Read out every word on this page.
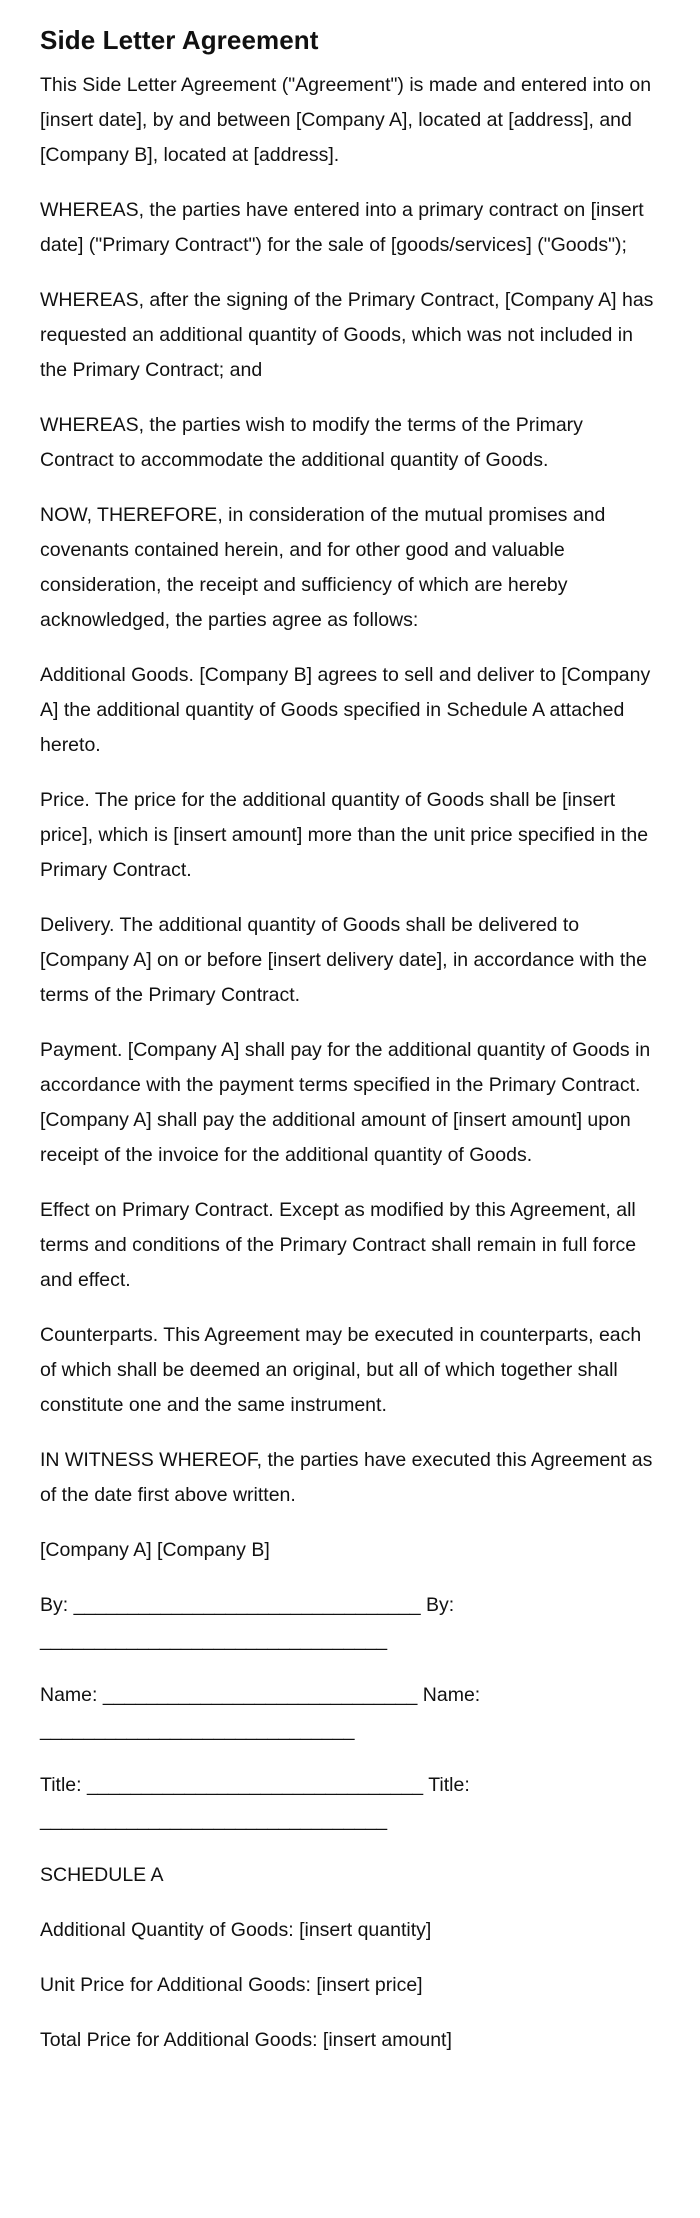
Side Letter Agreement

This Side Letter Agreement ("Agreement") is made and entered into on [insert date], by and between [Company A], located at [address], and [Company B], located at [address].

WHEREAS, the parties have entered into a primary contract on [insert date] ("Primary Contract") for the sale of [goods/services] ("Goods");

WHEREAS, after the signing of the Primary Contract, [Company A] has requested an additional quantity of Goods, which was not included in the Primary Contract; and

WHEREAS, the parties wish to modify the terms of the Primary Contract to accommodate the additional quantity of Goods.

NOW, THEREFORE, in consideration of the mutual promises and covenants contained herein, and for other good and valuable consideration, the receipt and sufficiency of which are hereby acknowledged, the parties agree as follows:

Additional Goods. [Company B] agrees to sell and deliver to [Company A] the additional quantity of Goods specified in Schedule A attached hereto.

Price. The price for the additional quantity of Goods shall be [insert price], which is [insert amount] more than the unit price specified in the Primary Contract.

Delivery. The additional quantity of Goods shall be delivered to [Company A] on or before [insert delivery date], in accordance with the terms of the Primary Contract.

Payment. [Company A] shall pay for the additional quantity of Goods in accordance with the payment terms specified in the Primary Contract. [Company A] shall pay the additional amount of [insert amount] upon receipt of the invoice for the additional quantity of Goods.

Effect on Primary Contract. Except as modified by this Agreement, all terms and conditions of the Primary Contract shall remain in full force and effect.

Counterparts. This Agreement may be executed in counterparts, each of which shall be deemed an original, but all of which together shall constitute one and the same instrument.

IN WITNESS WHEREOF, the parties have executed this Agreement as of the date first above written.

[Company A] [Company B]

By: ________________________________ By: ________________________________

Name: _____________________________ Name: _____________________________

Title: _______________________________ Title: ________________________________

SCHEDULE A

Additional Quantity of Goods: [insert quantity]

Unit Price for Additional Goods: [insert price]

Total Price for Additional Goods: [insert amount]
